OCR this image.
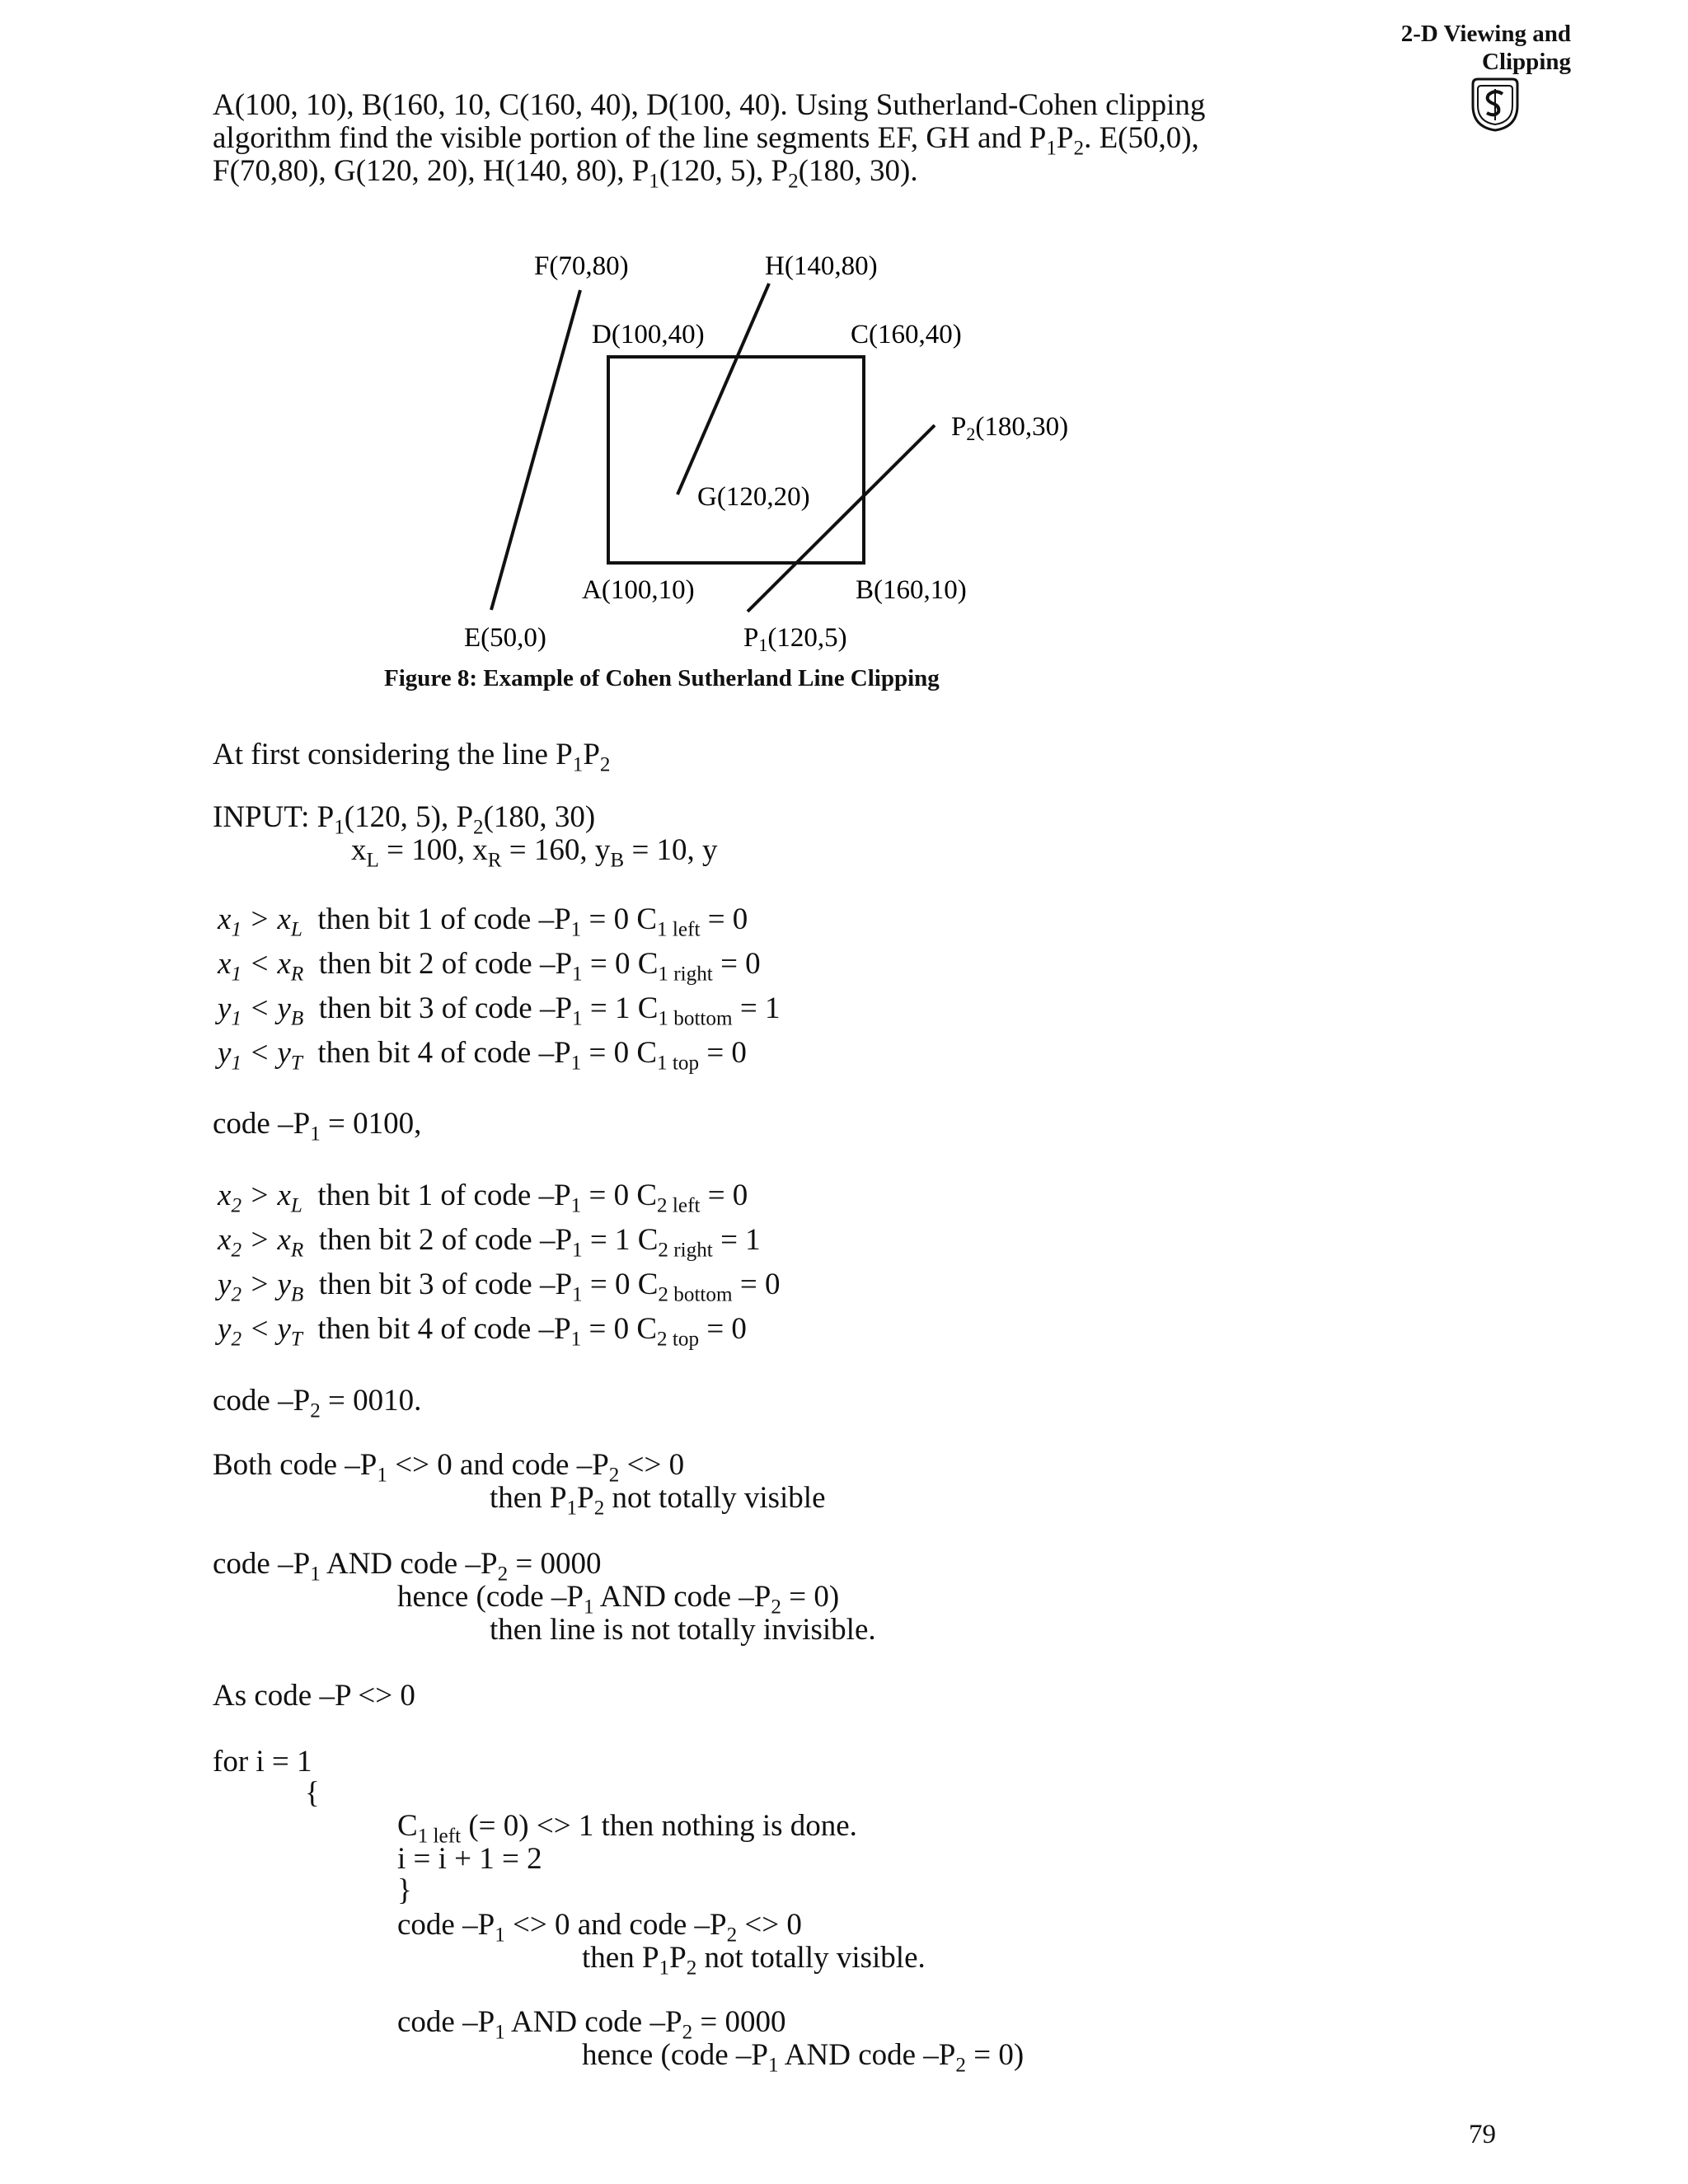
2-D Viewing and
Clipping
A(100, 10), B(160, 10, C(160, 40), D(100, 40). Using Sutherland-Cohen clipping
algorithm find the visible portion of the line segments EF, GH and $P_1P_2$. E(50,0),
F(70,80), G(120, 20), H(140, 80), $P_1(120$, 5), $P_2(180$, 30).
F(70,80)	H(140,80)
D(100,40)	C(160,40)
P2(180,30)
G(120,20)
A(100,10)	B(160,10)
E(50,0)	P1(120,5)
Figure 8: Example of Cohen Sutherland Line Clipping
At first considering the line $P_1P_2$
INPUT: $P_1(120$, 5), $P_2(180$, 30)
$x_L = 100$, $x_R = 160$, $y_B = 10$, y
$x_1 > x_L$ then bit 1 of code $-P_1 = 0$ $C_{1 left} = 0$
$x_1 < x_R$ then bit 2 of code $-P_1 = 0$ $C_{1 right} = 0$
$y_1 < y_B$ then bit 3 of code $-P_1 = 1$ $C_{1 bottom} = 1$
$y_1 < y_T$ then bit 4 of code $-P_1 = 0$ $C_{1 top} = 0$
code $-P_1 = 0100$,
$x_2 > x_L$ then bit 1 of code $-P_1 = 0$ $C_{2 left} = 0$
$x_2 > x_R$ then bit 2 of code $-P_1 = 1$ $C_{2 right} = 1$
$y_2 > y_B$ then bit 3 of code $-P_1 = 0$ $C_{2 bottom} = 0$
$y_2 < y_T$ then bit 4 of code $-P_1 = 0$ $C_{2 top} = 0$
code $-P_2 = 0010$.
Both code $-P_1 <> 0$ and code $-P_2 <> 0$
then $P_1P_2$ not totally visible
code $-P_1$ AND code $-P_2 = 0000$
hence (code $-P_1$ AND code $-P_2 = 0$)
then line is not totally invisible.
As code –P <> 0
for i = 1
{
$C_{1 left}$ (= 0) <> 1 then nothing is done.
i = i + 1 = 2
}
code $-P_1 <> 0$ and code $-P_2 <> 0$
then $P_1P_2$ not totally visible.
code $-P_1$ AND code $-P_2 = 0000$
hence (code $-P_1$ AND code $-P_2 = 0$)
79
